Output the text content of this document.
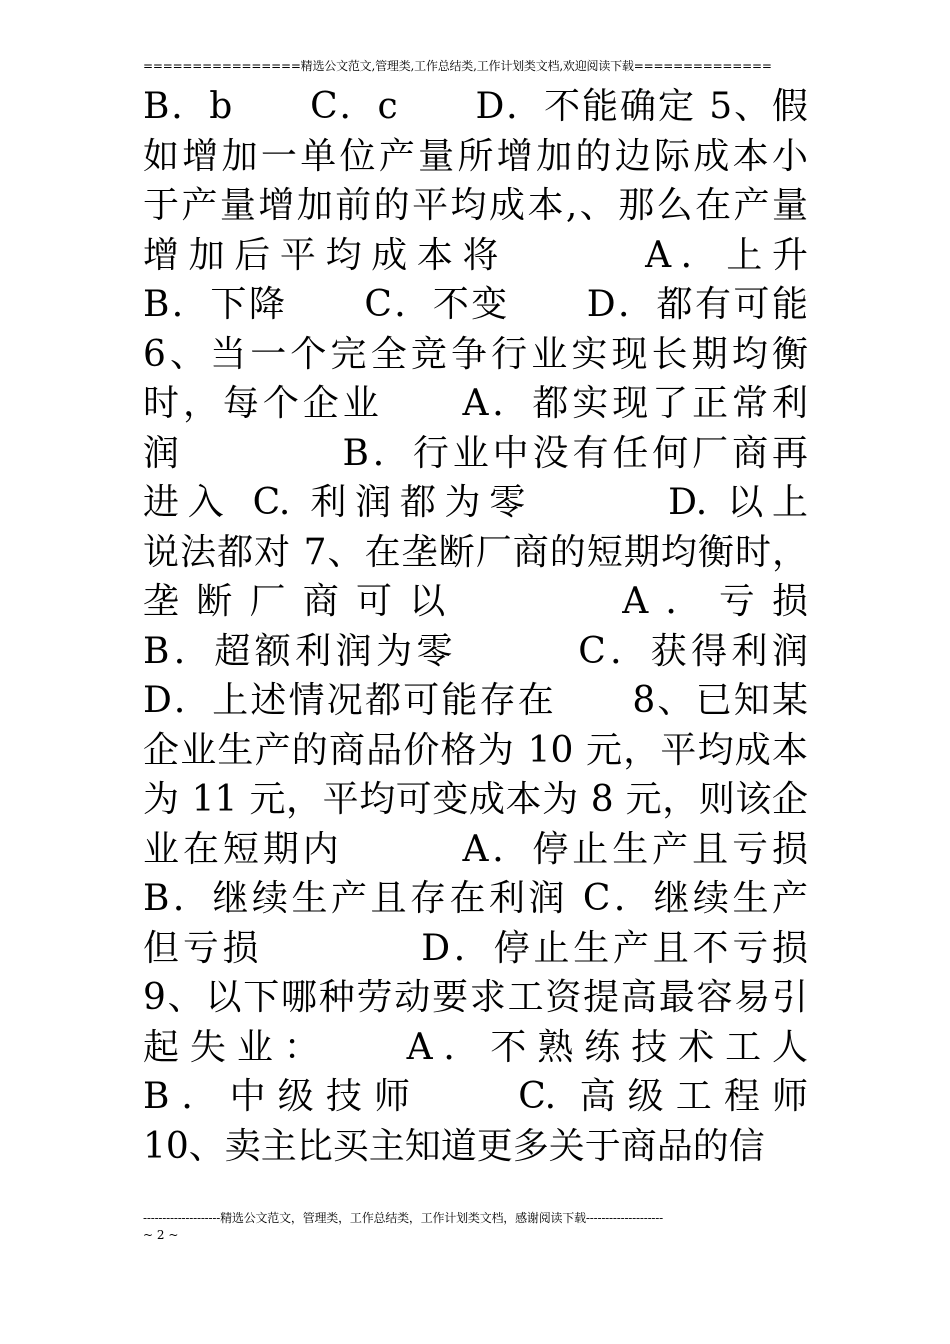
================精选公文范文,管理类,工作总结类,工作计划类文档,欢迎阅读下载==============
B．b　　C．c　　D．不能确定 5、假
如增加一单位产量所增加的边际成本小
于产量增加前的平均成本,、那么在产量
增加后平均成本将　　　A．上升
B．下降　　C．不变　　D．都有可能
6、当一个完全竞争行业实现长期均衡
时，每个企业　　A．都实现了正常利
润　　　　B．行业中没有任何厂商再
进入 C. 利润都为零　　　D. 以上
说法都对 7、在垄断厂商的短期均衡时，
垄断厂商可以　　　A．亏损
B．超额利润为零　　　C．获得利润
D．上述情况都可能存在　　8、已知某
企业生产的商品价格为 10 元，平均成本
为 11 元，平均可变成本为 8 元，则该企
业在短期内　　　A．停止生产且亏损
B．继续生产且存在利润 C．继续生产
但亏损　　　　D．停止生产且不亏损
9、以下哪种劳动要求工资提高最容易引
起失业：　　A．不熟练技术工人
B．中级技师　　C. 高级工程师
10、卖主比买主知道更多关于商品的信
--------------------精选公文范文，管理类，工作总结类，工作计划类文档，感谢阅读下载--------------------
~ 2 ~
